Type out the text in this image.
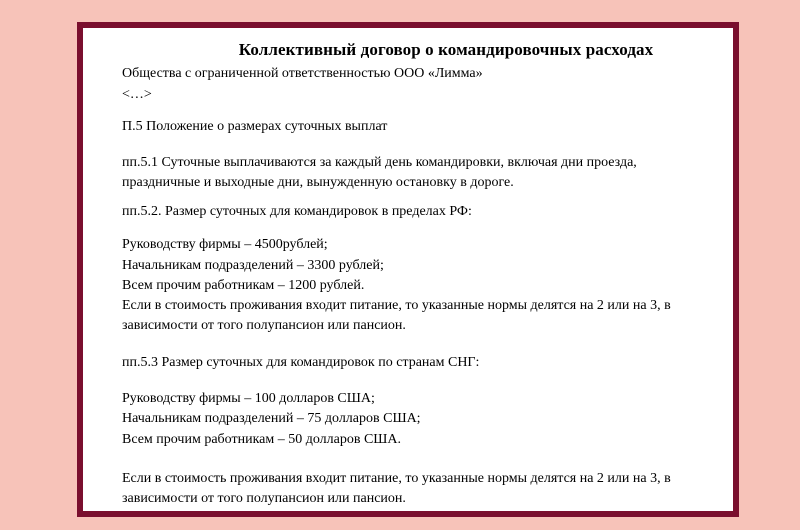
Коллективный договор о командировочных расходах
Общества с ограниченной ответственностью ООО «Лимма»
<…>
П.5 Положение о размерах суточных выплат
пп.5.1 Суточные выплачиваются за каждый день командировки, включая дни проезда,
праздничные и выходные дни, вынужденную остановку в дороге.
пп.5.2. Размер суточных для командировок в пределах РФ:
Руководству фирмы – 4500рублей;
Начальникам подразделений – 3300 рублей;
Всем прочим работникам – 1200 рублей.
Если в стоимость проживания входит питание, то указанные нормы делятся на 2 или на 3, в
зависимости от того полупансион или пансион.
пп.5.3 Размер суточных для командировок по странам СНГ:
Руководству фирмы – 100 долларов США;
Начальникам подразделений – 75 долларов США;
Всем прочим работникам – 50 долларов США.
Если в стоимость проживания входит питание, то указанные нормы делятся на 2 или на 3, в
зависимости от того полупансион или пансион.
